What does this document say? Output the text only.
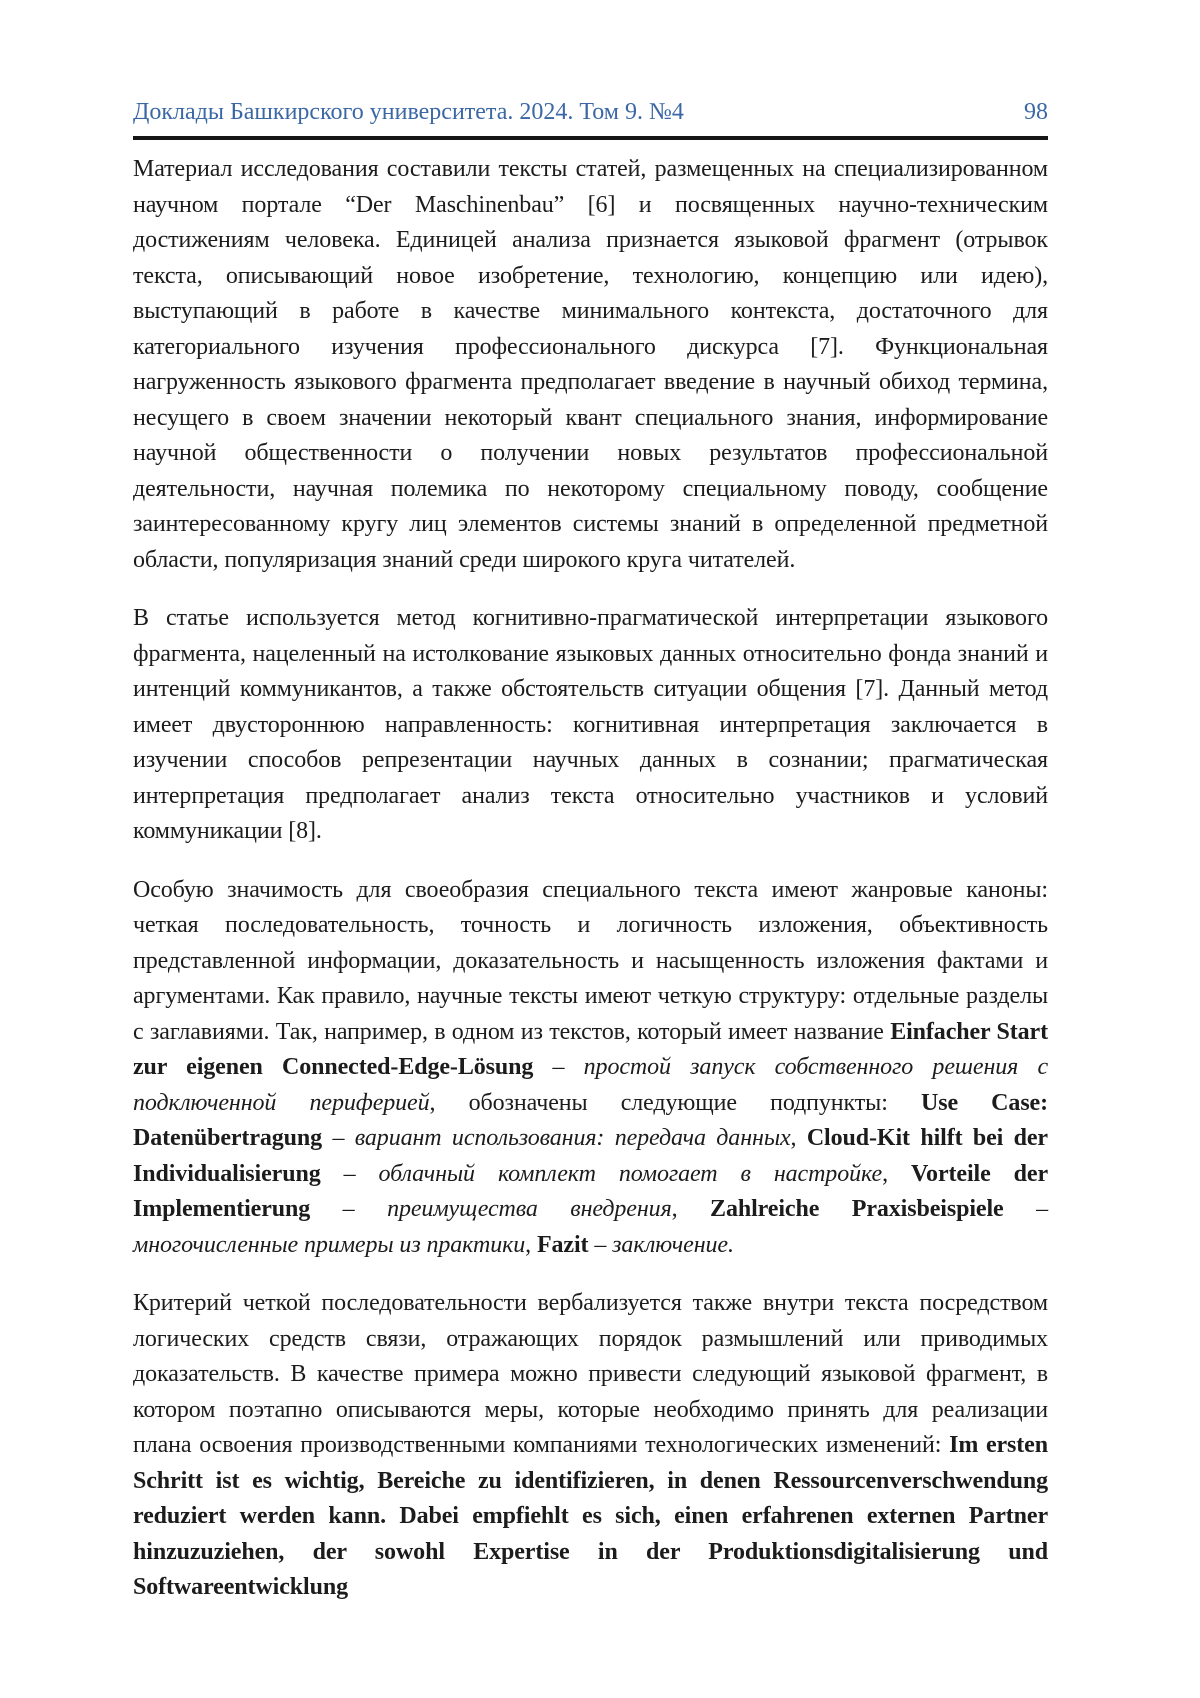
Доклады Башкирского университета. 2024. Том 9. №4	98

Материал исследования составили тексты статей, размещенных на специализированном научном портале “Der Maschinenbau” [6] и посвященных научно-техническим достижениям человека. Единицей анализа признается языковой фрагмент (отрывок текста, описывающий новое изобретение, технологию, концепцию или идею), выступающий в работе в качестве минимального контекста, достаточного для категориального изучения профессионального дискурса [7]. Функциональная нагруженность языкового фрагмента предполагает введение в научный обиход термина, несущего в своем значении некоторый квант специального знания, информирование научной общественности о получении новых результатов профессиональной деятельности, научная полемика по некоторому специальному поводу, сообщение заинтересованному кругу лиц элементов системы знаний в определенной предметной области, популяризация знаний среди широкого круга читателей.

В статье используется метод когнитивно-прагматической интерпретации языкового фрагмента, нацеленный на истолкование языковых данных относительно фонда знаний и интенций коммуникантов, а также обстоятельств ситуации общения [7]. Данный метод имеет двустороннюю направленность: когнитивная интерпретация заключается в изучении способов репрезентации научных данных в сознании; прагматическая интерпретация предполагает анализ текста относительно участников и условий коммуникации [8].

Особую значимость для своеобразия специального текста имеют жанровые каноны: четкая последовательность, точность и логичность изложения, объективность представленной информации, доказательность и насыщенность изложения фактами и аргументами. Как правило, научные тексты имеют четкую структуру: отдельные разделы с заглавиями. Так, например, в одном из текстов, который имеет название Einfacher Start zur eigenen Connected-Edge-Lösung – простой запуск собственного решения с подключенной периферией, обозначены следующие подпункты: Use Case: Datenübertragung – вариант использования: передача данных, Cloud-Kit hilft bei der Individualisierung – облачный комплект помогает в настройке, Vorteile der Implementierung – преимущества внедрения, Zahlreiche Praxisbeispiele – многочисленные примеры из практики, Fazit – заключение.

Критерий четкой последовательности вербализуется также внутри текста посредством логических средств связи, отражающих порядок размышлений или приводимых доказательств. В качестве примера можно привести следующий языковой фрагмент, в котором поэтапно описываются меры, которые необходимо принять для реализации плана освоения производственными компаниями технологических изменений: Im ersten Schritt ist es wichtig, Bereiche zu identifizieren, in denen Ressourcenverschwendung reduziert werden kann. Dabei empfiehlt es sich, einen erfahrenen externen Partner hinzuzuziehen, der sowohl Expertise in der Produktionsdigitalisierung und Softwareentwicklung
